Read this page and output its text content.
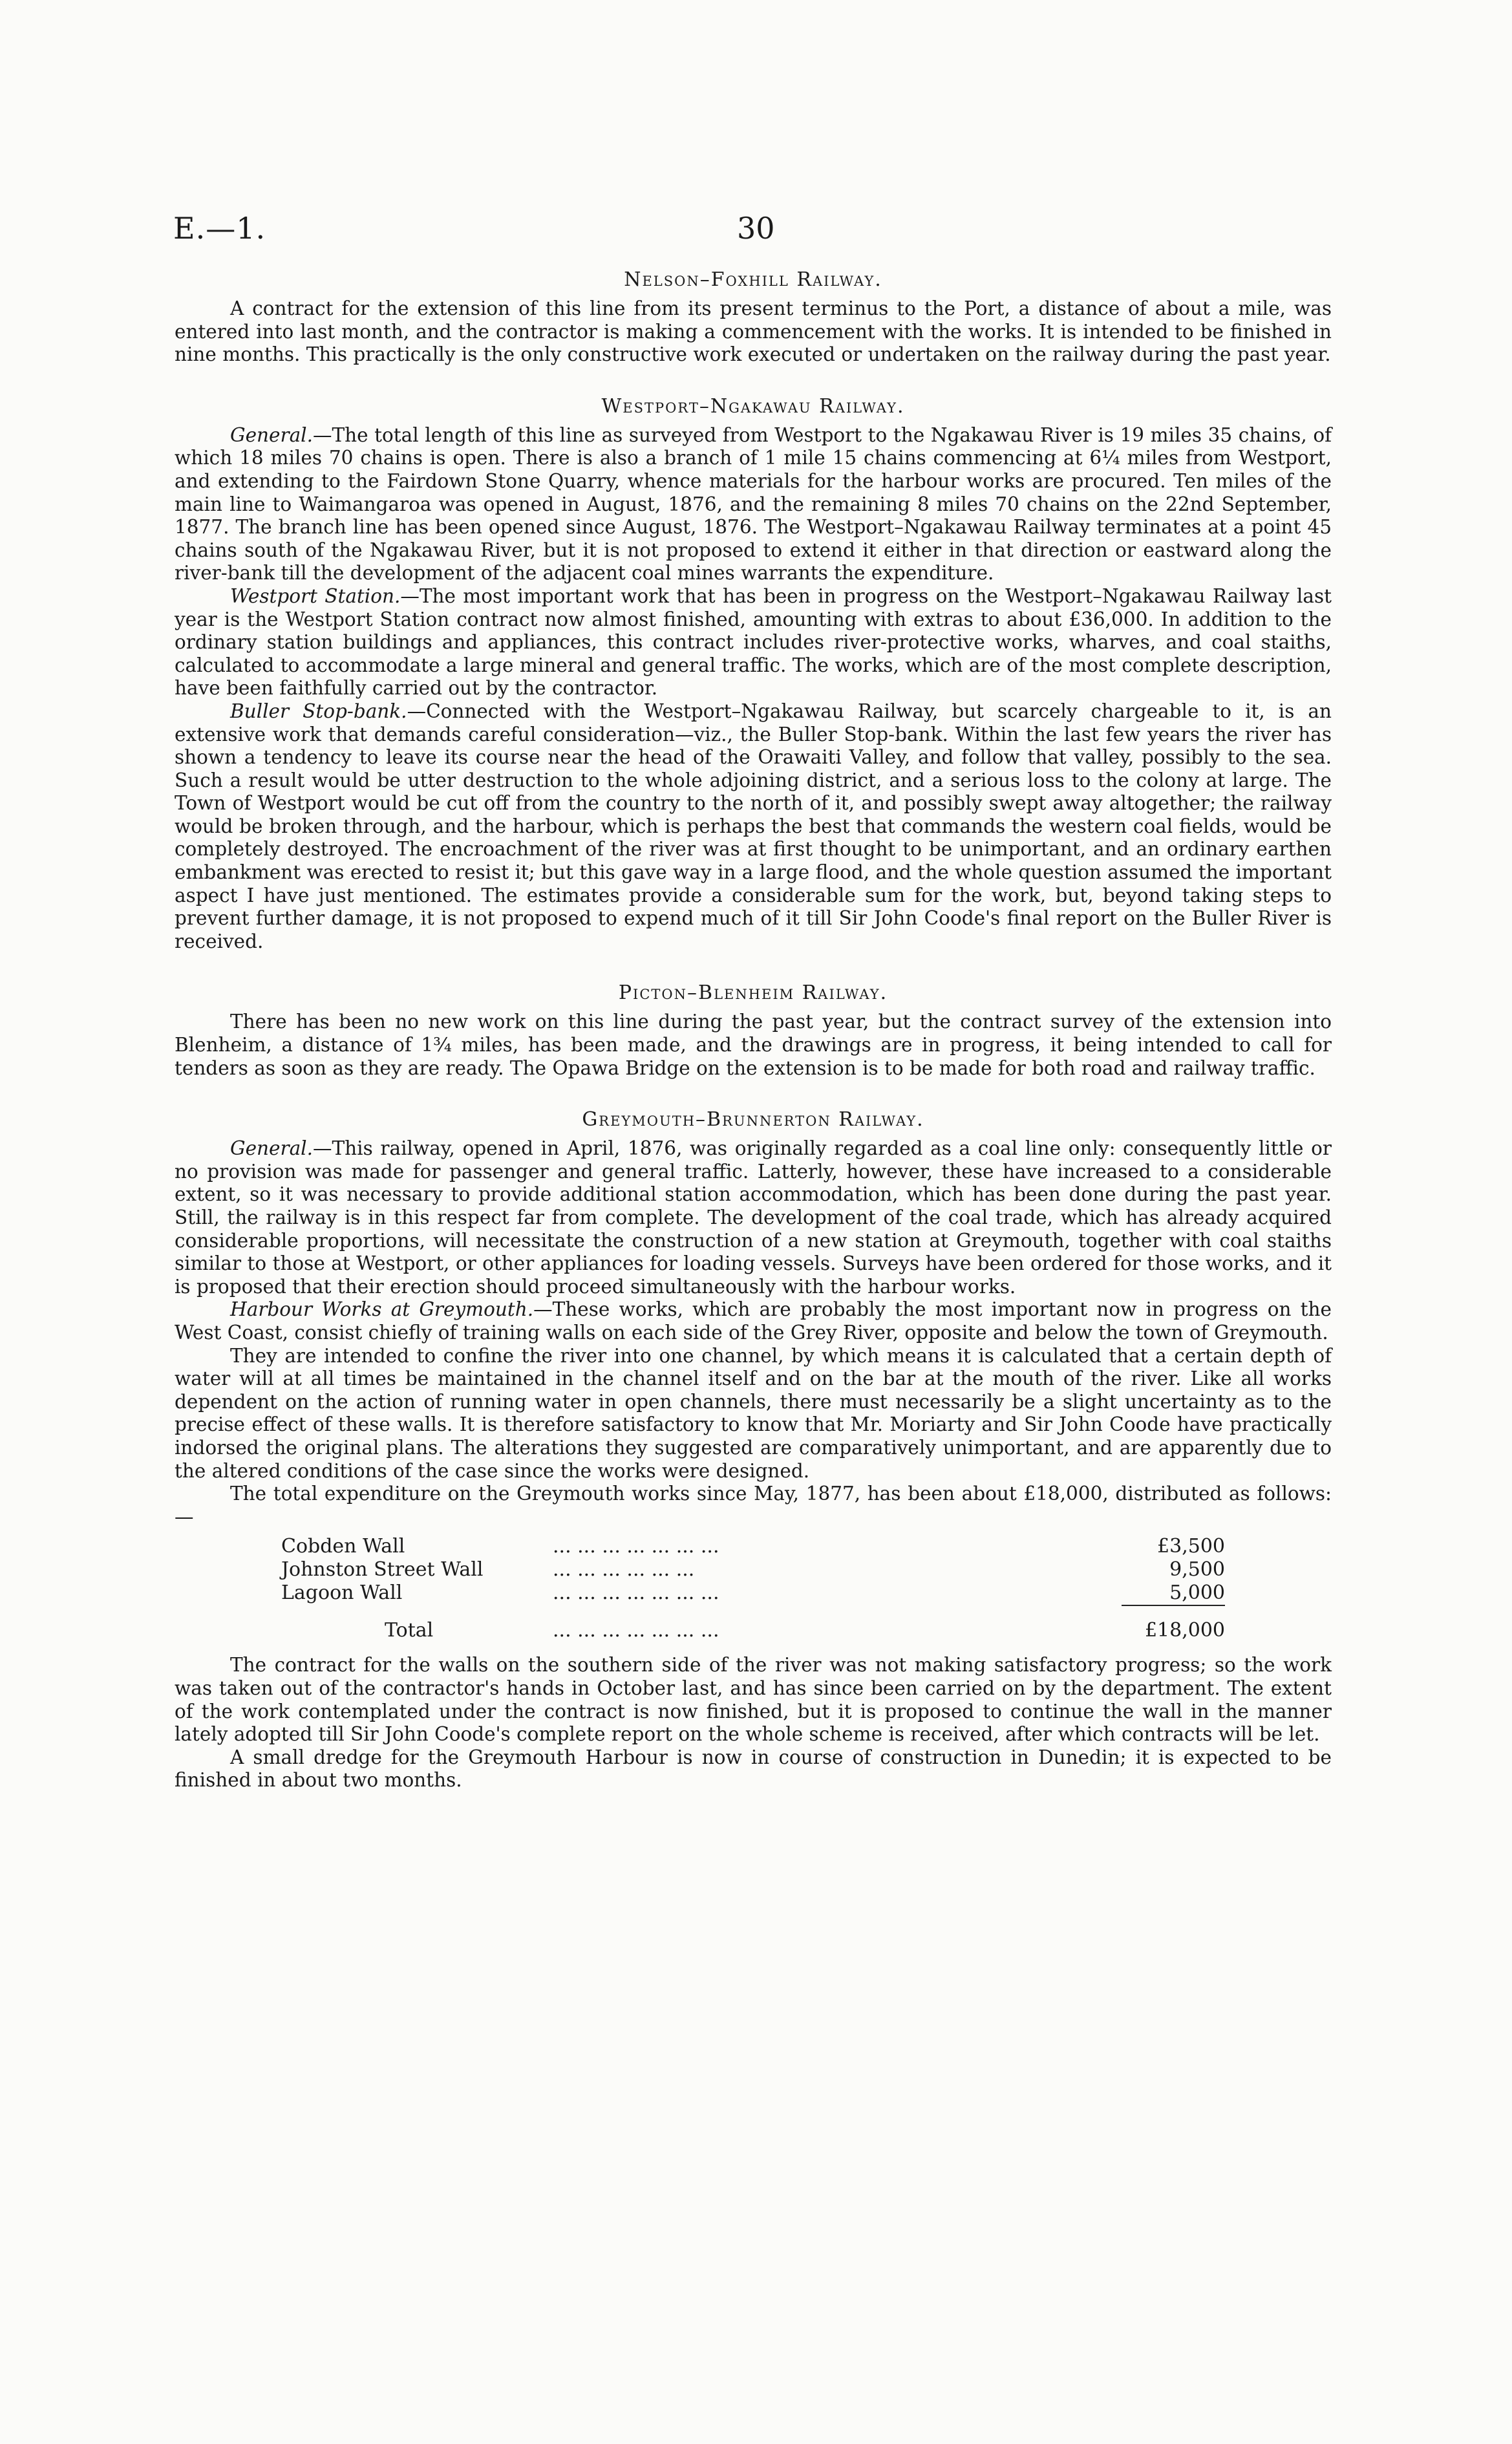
E.—1.	30
Nelson–Foxhill Railway.

A contract for the extension of this line from its present terminus to the Port, a distance of about a mile, was entered into last month, and the contractor is making a commencement with the works. It is intended to be finished in nine months. This practically is the only constructive work executed or undertaken on the railway during the past year.

Westport–Ngakawau Railway.

General.—The total length of this line as surveyed from Westport to the Ngakawau River is 19 miles 35 chains, of which 18 miles 70 chains is open. There is also a branch of 1 mile 15 chains commencing at 6¼ miles from Westport, and extending to the Fairdown Stone Quarry, whence materials for the harbour works are procured. Ten miles of the main line to Waimangaroa was opened in August, 1876, and the remaining 8 miles 70 chains on the 22nd September, 1877. The branch line has been opened since August, 1876. The Westport–Ngakawau Railway terminates at a point 45 chains south of the Ngakawau River, but it is not proposed to extend it either in that direction or eastward along the river-bank till the development of the adjacent coal mines warrants the expenditure.

Westport Station.—The most important work that has been in progress on the Westport–Ngakawau Railway last year is the Westport Station contract now almost finished, amounting with extras to about £36,000. In addition to the ordinary station buildings and appliances, this contract includes river-protective works, wharves, and coal staiths, calculated to accommodate a large mineral and general traffic. The works, which are of the most complete description, have been faithfully carried out by the contractor.

Buller Stop-bank.—Connected with the Westport–Ngakawau Railway, but scarcely chargeable to it, is an extensive work that demands careful consideration—viz., the Buller Stop-bank. Within the last few years the river has shown a tendency to leave its course near the head of the Orawaiti Valley, and follow that valley, possibly to the sea. Such a result would be utter destruction to the whole adjoining district, and a serious loss to the colony at large. The Town of Westport would be cut off from the country to the north of it, and possibly swept away altogether; the railway would be broken through, and the harbour, which is perhaps the best that commands the western coal fields, would be completely destroyed. The encroachment of the river was at first thought to be unimportant, and an ordinary earthen embankment was erected to resist it; but this gave way in a large flood, and the whole question assumed the important aspect I have just mentioned. The estimates provide a considerable sum for the work, but, beyond taking steps to prevent further damage, it is not proposed to expend much of it till Sir John Coode's final report on the Buller River is received.

Picton–Blenheim Railway.

There has been no new work on this line during the past year, but the contract survey of the extension into Blenheim, a distance of 1¾ miles, has been made, and the drawings are in progress, it being intended to call for tenders as soon as they are ready. The Opawa Bridge on the extension is to be made for both road and railway traffic.

Greymouth–Brunnerton Railway.

General.—This railway, opened in April, 1876, was originally regarded as a coal line only: consequently little or no provision was made for passenger and general traffic. Latterly, however, these have increased to a considerable extent, so it was necessary to provide additional station accommodation, which has been done during the past year. Still, the railway is in this respect far from complete. The development of the coal trade, which has already acquired considerable proportions, will necessitate the construction of a new station at Greymouth, together with coal staiths similar to those at Westport, or other appliances for loading vessels. Surveys have been ordered for those works, and it is proposed that their erection should proceed simultaneously with the harbour works.

Harbour Works at Greymouth.—These works, which are probably the most important now in progress on the West Coast, consist chiefly of training walls on each side of the Grey River, opposite and below the town of Greymouth.

They are intended to confine the river into one channel, by which means it is calculated that a certain depth of water will at all times be maintained in the channel itself and on the bar at the mouth of the river. Like all works dependent on the action of running water in open channels, there must necessarily be a slight uncertainty as to the precise effect of these walls. It is therefore satisfactory to know that Mr. Moriarty and Sir John Coode have practically indorsed the original plans. The alterations they suggested are comparatively unimportant, and are apparently due to the altered conditions of the case since the works were designed.

The total expenditure on the Greymouth works since May, 1877, has been about £18,000, distributed as follows:—

Cobden Wall	... ... ... ... ... ... ...	£3,500
Johnston Street Wall	... ... ... ... ... ...	9,500
Lagoon Wall	... ... ... ... ... ... ...	5,000
Total	... ... ... ... ... ... ...	£18,000

The contract for the walls on the southern side of the river was not making satisfactory progress; so the work was taken out of the contractor's hands in October last, and has since been carried on by the department. The extent of the work contemplated under the contract is now finished, but it is proposed to continue the wall in the manner lately adopted till Sir John Coode's complete report on the whole scheme is received, after which contracts will be let.

A small dredge for the Greymouth Harbour is now in course of construction in Dunedin; it is expected to be finished in about two months.
